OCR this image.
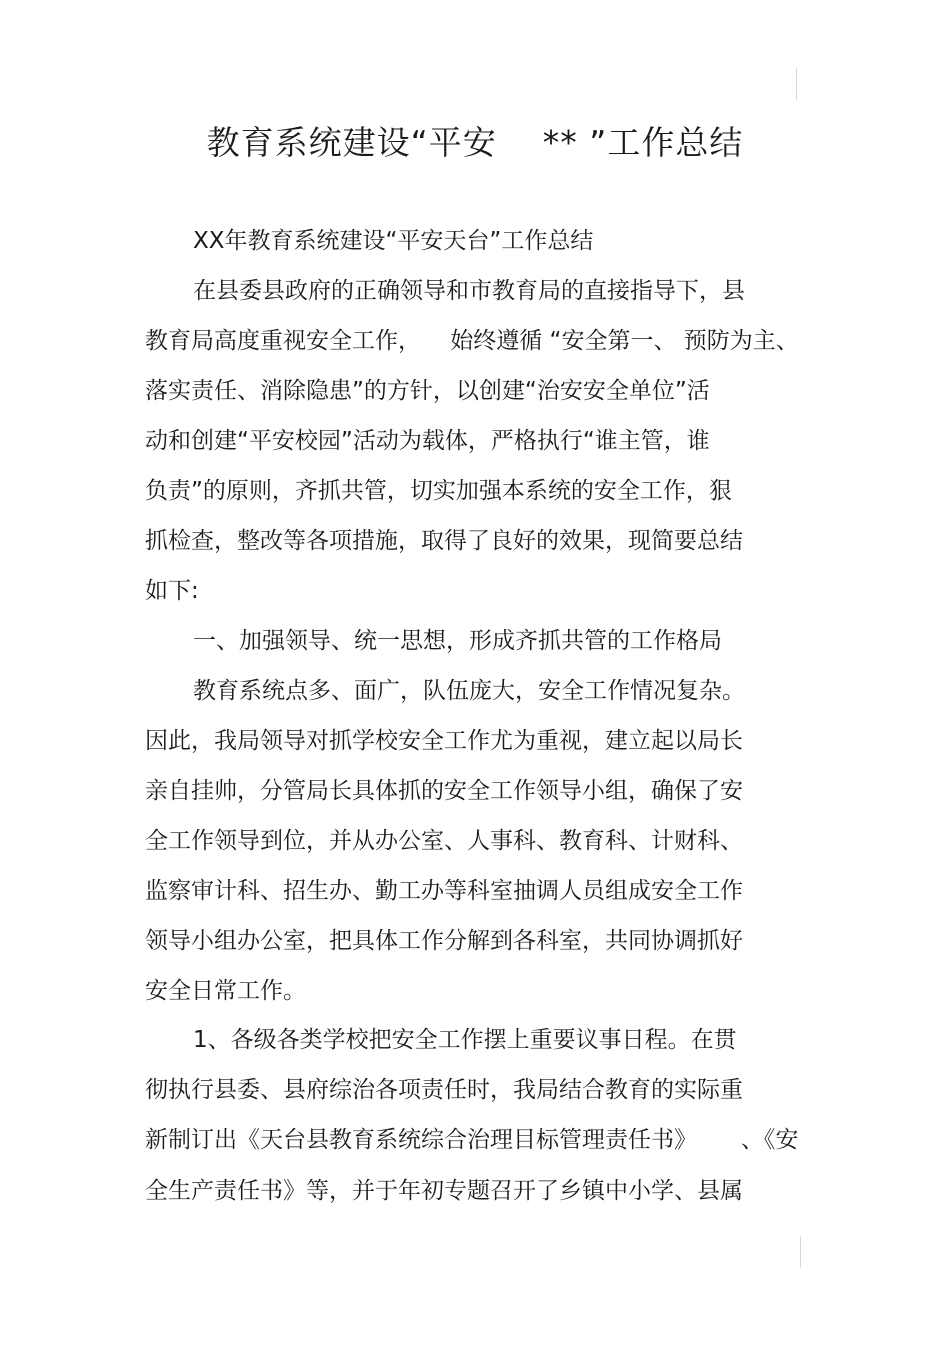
教育系统建设“平安    ** ”工作总结
XX年教育系统建设“平安天台”工作总结
在县委县政府的正确领导和市教育局的直接指导下，县
教育局高度重视安全工作，    始终遵循 “安全第一、 预防为主、
落实责任、消除隐患”的方针，以创建“治安安全单位”活
动和创建“平安校园”活动为载体，严格执行“谁主管，谁
负责”的原则，齐抓共管，切实加强本系统的安全工作，狠
抓检查，整改等各项措施，取得了良好的效果，现简要总结
如下:
一、加强领导、统一思想，形成齐抓共管的工作格局
教育系统点多、面广，队伍庞大，安全工作情况复杂。
因此，我局领导对抓学校安全工作尤为重视，建立起以局长
亲自挂帅，分管局长具体抓的安全工作领导小组，确保了安
全工作领导到位，并从办公室、人事科、教育科、计财科、
监察审计科、招生办、勤工办等科室抽调人员组成安全工作
领导小组办公室，把具体工作分解到各科室，共同协调抓好
安全日常工作。
1、各级各类学校把安全工作摆上重要议事日程。在贯
彻执行县委、县府综治各项责任时，我局结合教育的实际重
新制订出《天台县教育系统综合治理目标管理责任书》      、《安
全生产责任书》等，并于年初专题召开了乡镇中小学、县属
